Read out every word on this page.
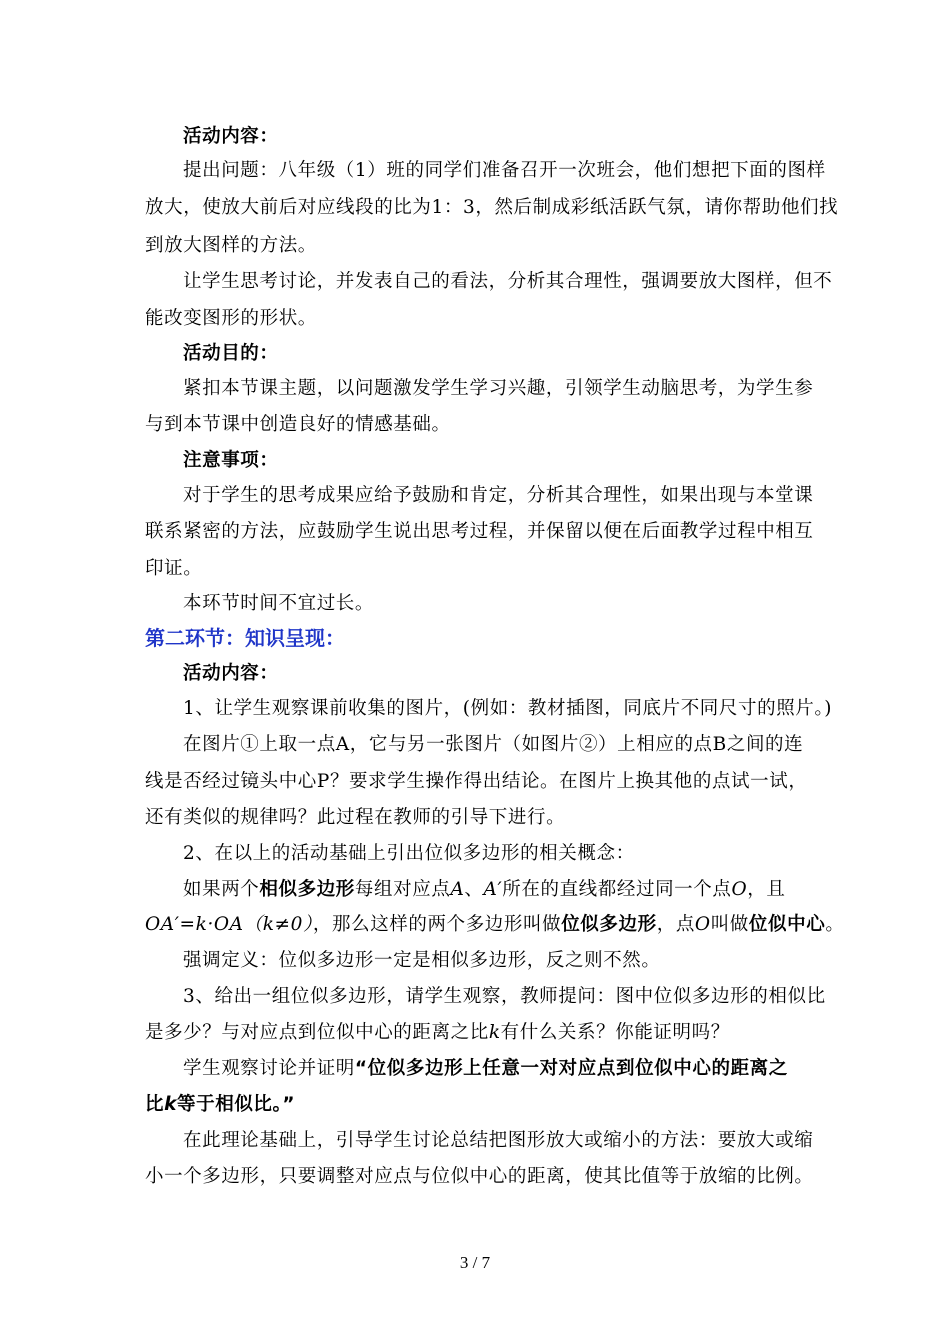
活动内容：
提出问题：八年级（1）班的同学们准备召开一次班会，他们想把下面的图样
放大，使放大前后对应线段的比为1：3，然后制成彩纸活跃气氛，请你帮助他们找
到放大图样的方法。
让学生思考讨论，并发表自己的看法，分析其合理性，强调要放大图样，但不
能改变图形的形状。
活动目的：
紧扣本节课主题，以问题激发学生学习兴趣，引领学生动脑思考，为学生参
与到本节课中创造良好的情感基础。
注意事项：
对于学生的思考成果应给予鼓励和肯定，分析其合理性，如果出现与本堂课
联系紧密的方法，应鼓励学生说出思考过程，并保留以便在后面教学过程中相互
印证。
本环节时间不宜过长。
第二环节：知识呈现：
活动内容：
1、让学生观察课前收集的图片，(例如：教材插图，同底片不同尺寸的照片。)
在图片①上取一点A，它与另一张图片（如图片②）上相应的点B之间的连
线是否经过镜头中心P？要求学生操作得出结论。在图片上换其他的点试一试，
还有类似的规律吗？此过程在教师的引导下进行。
2、在以上的活动基础上引出位似多边形的相关概念：
如果两个相似多边形每组对应点A、A′所在的直线都经过同一个点O，且
OA′=k·OA（k≠0），那么这样的两个多边形叫做位似多边形，点O叫做位似中心。
强调定义：位似多边形一定是相似多边形，反之则不然。
3、给出一组位似多边形，请学生观察，教师提问：图中位似多边形的相似比
是多少？与对应点到位似中心的距离之比k有什么关系？你能证明吗？
学生观察讨论并证明“位似多边形上任意一对对应点到位似中心的距离之
比k等于相似比。”
在此理论基础上，引导学生讨论总结把图形放大或缩小的方法：要放大或缩
小一个多边形，只要调整对应点与位似中心的距离，使其比值等于放缩的比例。
3 / 7
